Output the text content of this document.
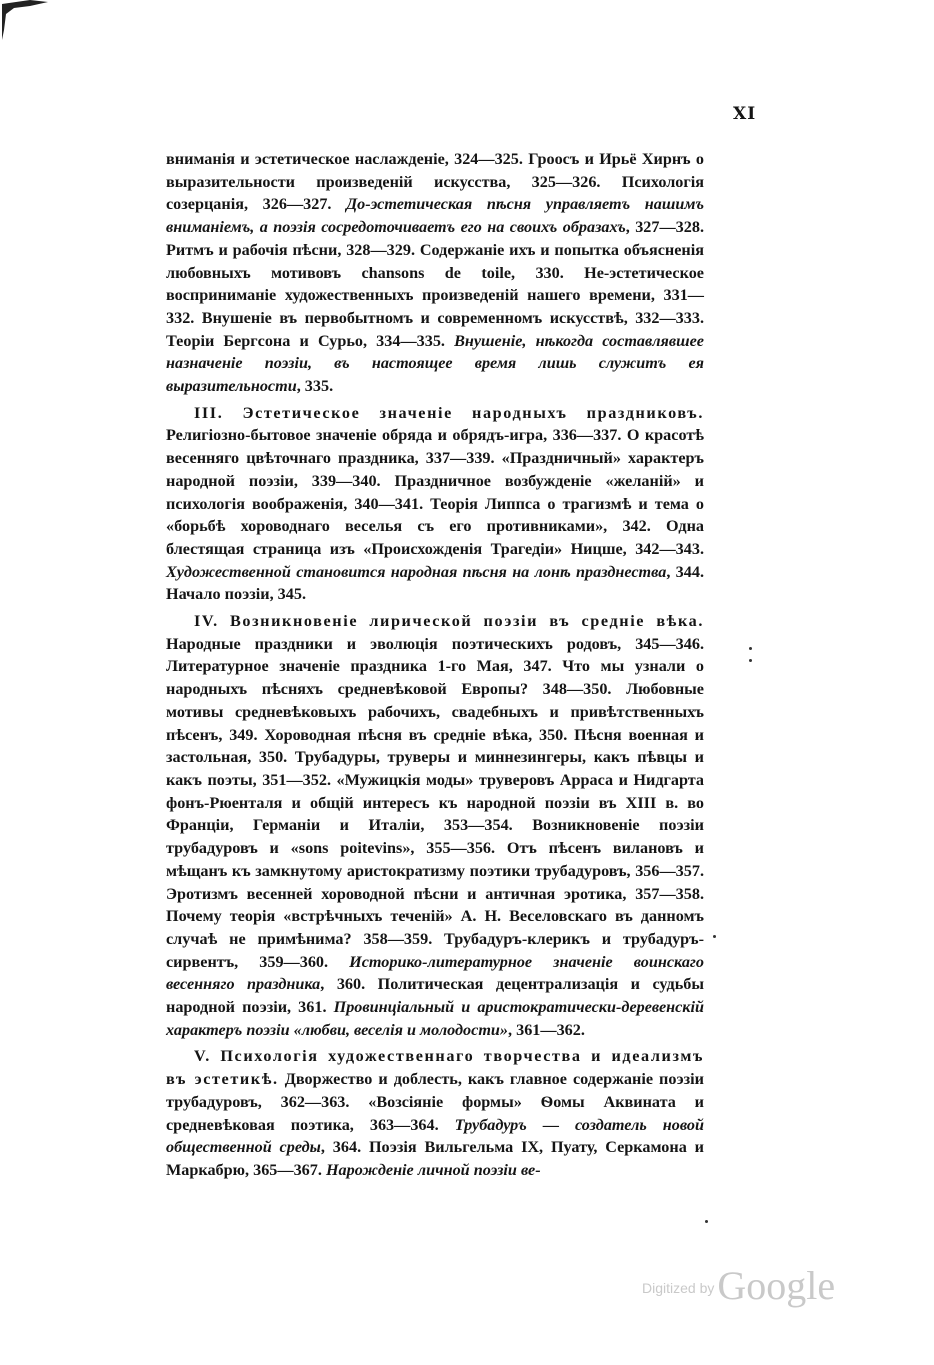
XI

вниманія и эстетическое наслажденіе, 324—325. Гроосъ и Ирьё Хирнъ о выразительности произведеній искусства, 325—326. Психологія созерцанія, 326—327. До-эстетическая пѣсня управляетъ нашимъ вниманіемъ, а поэзія сосредоточиваетъ его на своихъ образахъ, 327—328. Ритмъ и рабочія пѣсни, 328—329. Содержаніе ихъ и попытка объясненія любовныхъ мотивовъ chansons de toile, 330. Не-эстетическое восприниманіе художественныхъ произведеній нашего времени, 331—332. Внушеніе въ первобытномъ и современномъ искусствѣ, 332—333. Теоріи Бергсона и Сурьо, 334—335. Внушеніе, нѣкогда составлявшее назначеніе поэзіи, въ настоящее время лишь служитъ ея выразительности, 335.

III. Эстетическое значеніе народныхъ праздниковъ. Религіозно-бытовое значеніе обряда и обрядъ-игра, 336—337. О красотѣ весенняго цвѣточнаго праздника, 337—339. «Праздничный» характеръ народной поэзіи, 339—340. Праздничное возбужденіе «желаній» и психологія воображенія, 340—341. Теорія Липпса о трагизмѣ и тема о «борьбѣ хороводнаго веселья съ его противниками», 342. Одна блестящая страница изъ «Происхожденія Трагедіи» Ницше, 342—343. Художественной становится народная пѣсня на лонѣ празднества, 344. Начало поэзіи, 345.

IV. Возникновеніе лирической поэзіи въ средніе вѣка. Народные праздники и эволюція поэтическихъ родовъ, 345—346. Литературное значеніе праздника 1-го Мая, 347. Что мы узнали о народныхъ пѣсняхъ средневѣковой Европы? 348—350. Любовные мотивы средневѣковыхъ рабочихъ, свадебныхъ и привѣтственныхъ пѣсенъ, 349. Хороводная пѣсня въ средніе вѣка, 350. Пѣсня военная и застольная, 350. Трубадуры, труверы и миннезингеры, какъ пѣвцы и какъ поэты, 351—352. «Мужицкія моды» труверовъ Арраса и Нидгарта фонъ-Рюенталя и общій интересъ къ народной поэзіи въ XIII в. во Франціи, Германіи и Италіи, 353—354. Возникновеніе поэзіи трубадуровъ и «sons poitevins», 355—356. Отъ пѣсенъ вилановъ и мѣщанъ къ замкнутому аристократизму поэтики трубадуровъ, 356—357. Эротизмъ весенней хороводной пѣсни и античная эротика, 357—358. Почему теорія «встрѣчныхъ теченій» А. Н. Веселовскаго въ данномъ случаѣ не примѣнима? 358—359. Трубадуръ-клерикъ и трубадуръ-сирвентъ, 359—360. Историко-литературное значеніе воинскаго весенняго праздника, 360. Политическая децентрализація и судьбы народной поэзіи, 361. Провинціальный и аристократически-деревенскій характеръ поэзіи «любви, веселія и молодости», 361—362.

V. Психологія художественнаго творчества и идеализмъ въ эстетикѣ. Дворжество и доблесть, какъ главное содержаніе поэзіи трубадуровъ, 362—363. «Возсіяніе формы» Ѳомы Аквината и средневѣковая поэтика, 363—364. Трубадуръ — создатель новой общественной среды, 364. Поэзія Вильгельма IX, Пуату, Серкамона и Маркабрю, 365—367. Нарожденіе личной поэзіи ве-

Digitized byGoogle
